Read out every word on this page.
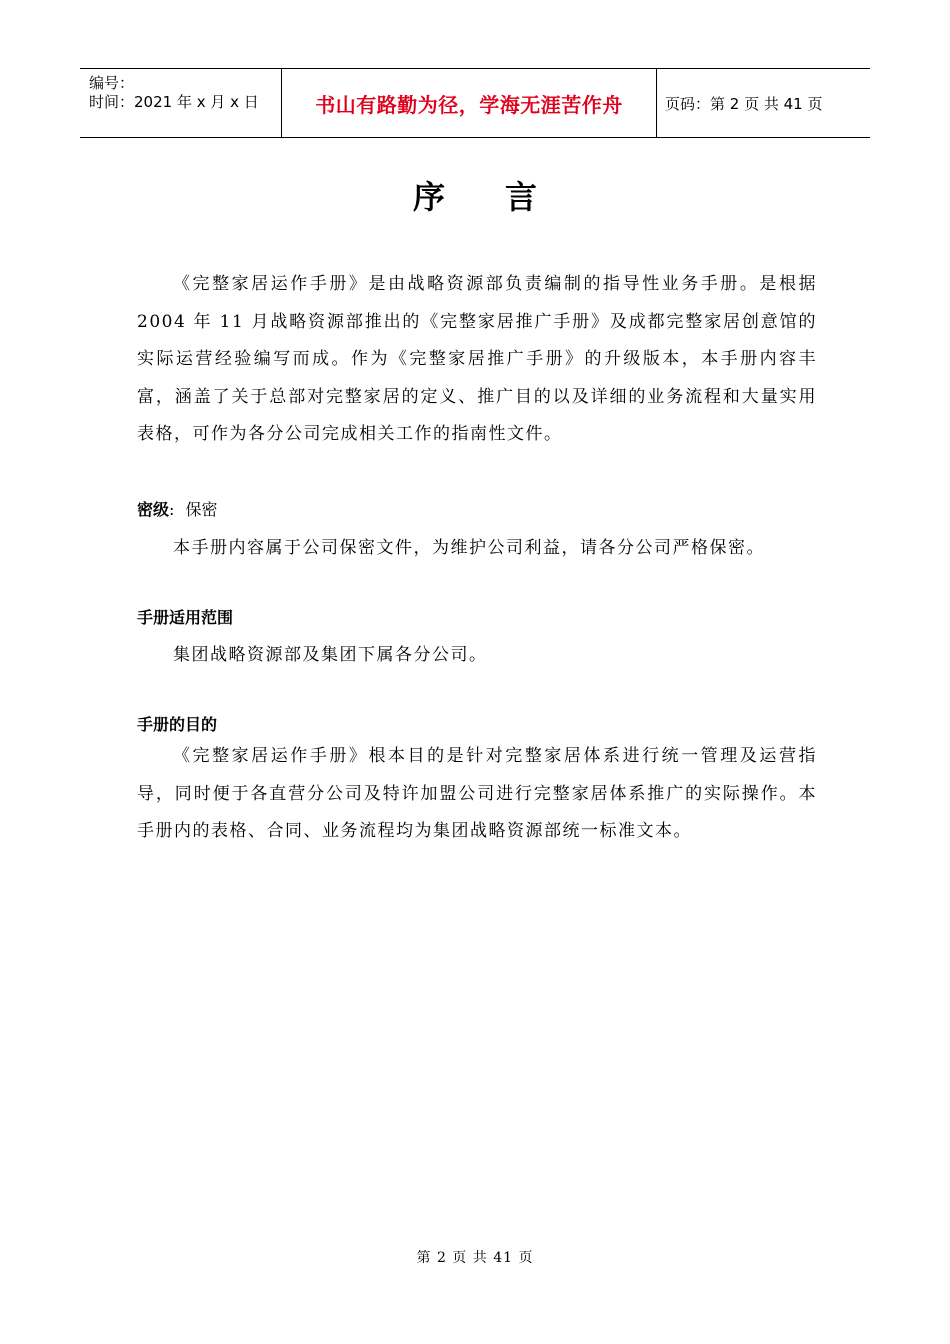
编号：
时间：2021 年 x 月 x 日	书山有路勤为径，学海无涯苦作舟	页码：第 2 页 共 41 页
序言
《完整家居运作手册》是由战略资源部负责编制的指导性业务手册。是根据 2004 年 11 月战略资源部推出的《完整家居推广手册》及成都完整家居创意馆的实际运营经验编写而成。作为《完整家居推广手册》的升级版本，本手册内容丰富，涵盖了关于总部对完整家居的定义、推广目的以及详细的业务流程和大量实用表格，可作为各分公司完成相关工作的指南性文件。
密级: 保密
本手册内容属于公司保密文件，为维护公司利益，请各分公司严格保密。
手册适用范围
集团战略资源部及集团下属各分公司。
手册的目的
《完整家居运作手册》根本目的是针对完整家居体系进行统一管理及运营指导，同时便于各直营分公司及特许加盟公司进行完整家居体系推广的实际操作。本手册内的表格、合同、业务流程均为集团战略资源部统一标准文本。
第 2 页 共 41 页
